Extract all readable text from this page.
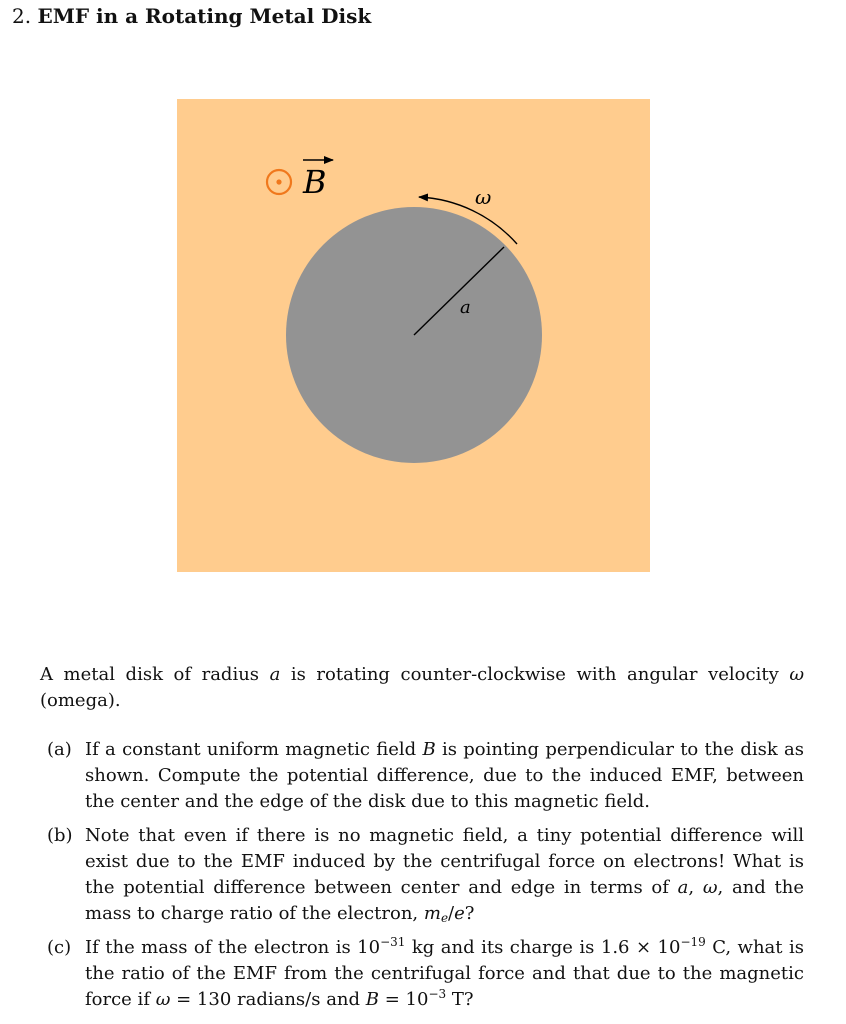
2. EMF in a Rotating Metal Disk
a
ω
B
A metal disk of radius a is rotating counter-clockwise with angular velocity ω (omega).
(a) If a constant uniform magnetic field B is pointing perpendicular to the disk as shown. Compute the potential difference, due to the induced EMF, between the center and the edge of the disk due to this magnetic field.
(b) Note that even if there is no magnetic field, a tiny potential difference will exist due to the EMF induced by the centrifugal force on electrons! What is the potential difference between center and edge in terms of a, ω, and the mass to charge ratio of the electron, $m_e/e$?
(c) If the mass of the electron is $10^{-31}$ kg and its charge is $1.6 \times 10^{-19}$ C, what is the ratio of the EMF from the centrifugal force and that due to the magnetic force if ω = 130 radians/s and $B = 10^{-3}$ T?
